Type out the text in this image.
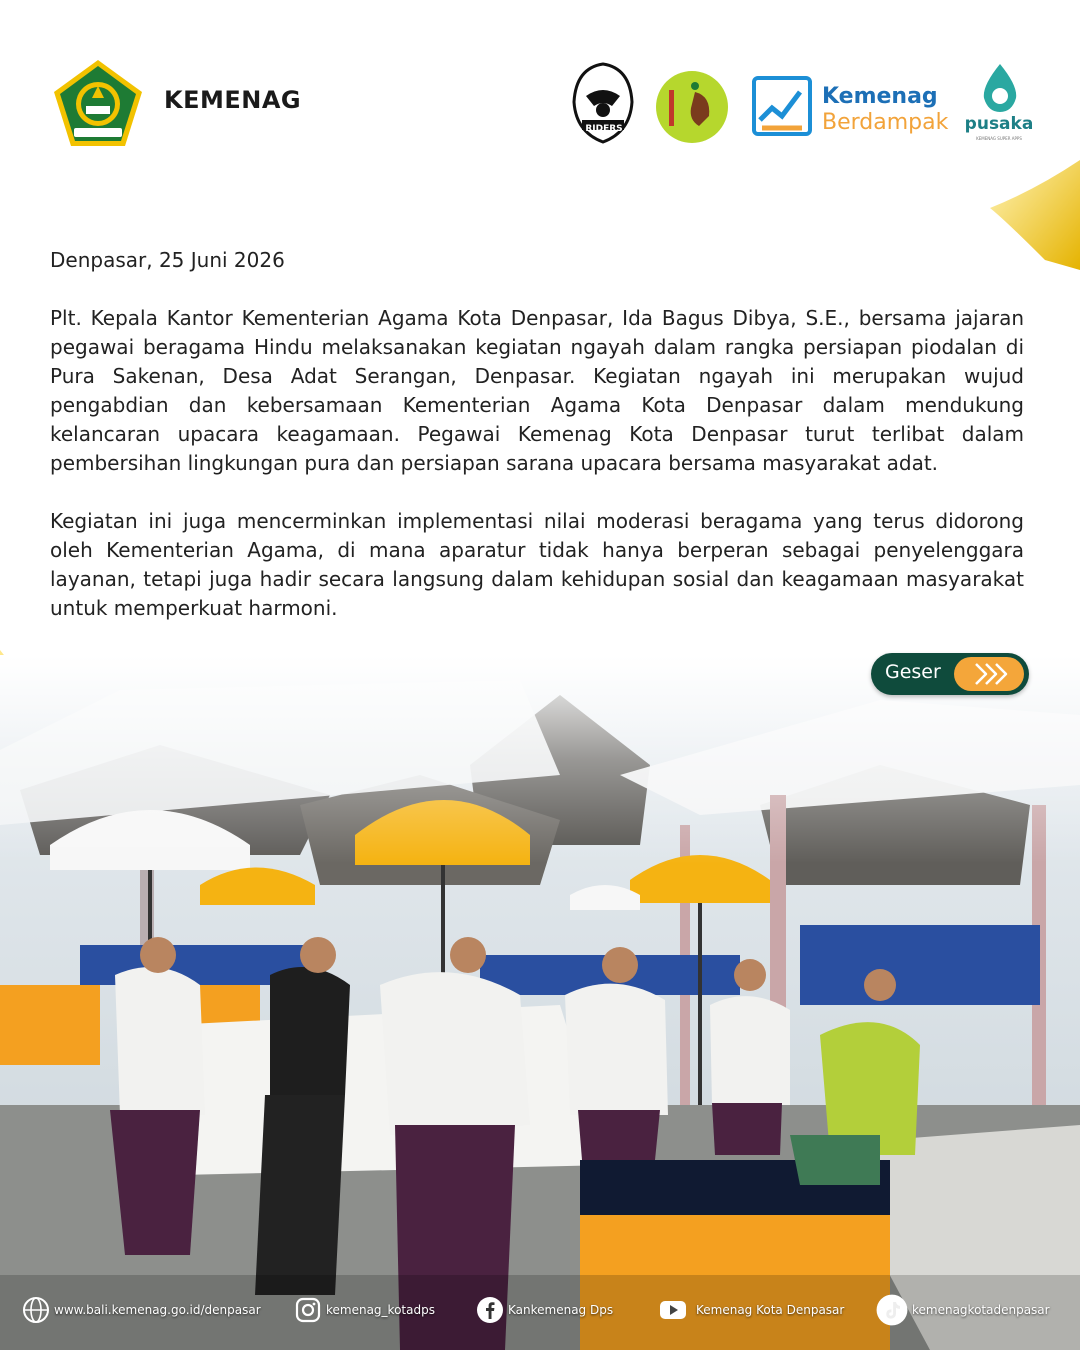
KEMENAG
RIDERS
Kemenag
Berdampak pusaka
KEMENAG SUPER APPS

Denpasar, 25 Juni 2026

Plt. Kepala Kantor Kementerian Agama Kota Denpasar, Ida Bagus Dibya, S.E., bersama jajaran pegawai beragama Hindu melaksanakan kegiatan ngayah dalam rangka persiapan piodalan di Pura Sakenan, Desa Adat Serangan, Denpasar. Kegiatan ngayah ini merupakan wujud pengabdian dan kebersamaan Kementerian Agama Kota Denpasar dalam mendukung kelancaran upacara keagamaan. Pegawai Kemenag Kota Denpasar turut terlibat dalam pembersihan lingkungan pura dan persiapan sarana upacara bersama masyarakat adat.

Kegiatan ini juga mencerminkan implementasi nilai moderasi beragama yang terus didorong oleh Kementerian Agama, di mana aparatur tidak hanya berperan sebagai penyelenggara layanan, tetapi juga hadir secara langsung dalam kehidupan sosial dan keagamaan masyarakat untuk memperkuat harmoni.

Geser
www.bali.kemenag.go.id/denpasar	kemenag_kotadps	Kankemenag Dps	Kemenag Kota Denpasar	kemenagkotadenpasar
